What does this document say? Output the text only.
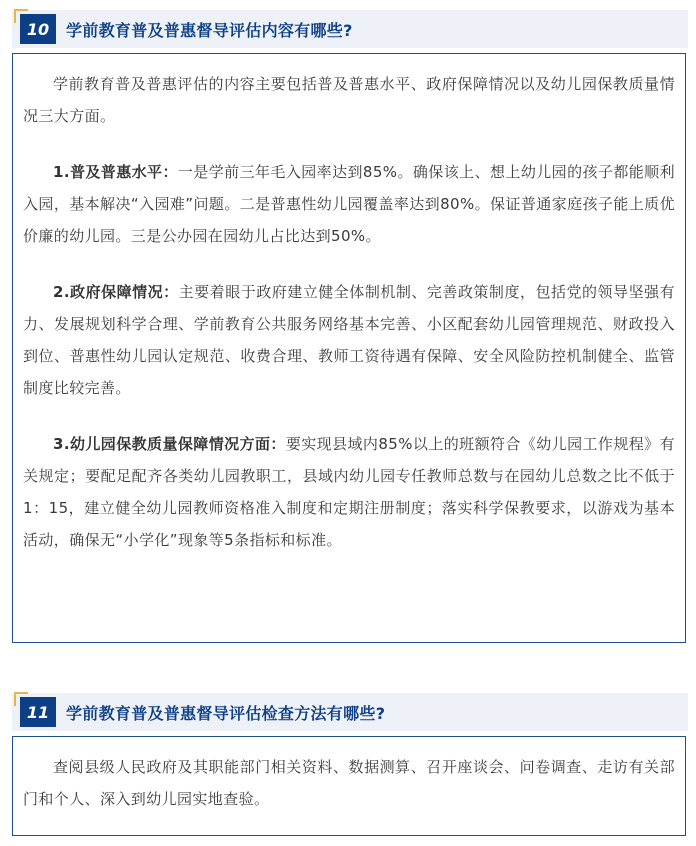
10 学前教育普及普惠督导评估内容有哪些?

学前教育普及普惠评估的内容主要包括普及普惠水平、政府保障情况以及幼儿园保教质量情况三大方面。

1.普及普惠水平：一是学前三年毛入园率达到85%。确保该上、想上幼儿园的孩子都能顺利入园，基本解决“入园难”问题。二是普惠性幼儿园覆盖率达到80%。保证普通家庭孩子能上质优价廉的幼儿园。三是公办园在园幼儿占比达到50%。

2.政府保障情况：主要着眼于政府建立健全体制机制、完善政策制度，包括党的领导坚强有力、发展规划科学合理、学前教育公共服务网络基本完善、小区配套幼儿园管理规范、财政投入到位、普惠性幼儿园认定规范、收费合理、教师工资待遇有保障、安全风险防控机制健全、监管制度比较完善。

3.幼儿园保教质量保障情况方面：要实现县域内85%以上的班额符合《幼儿园工作规程》有关规定；要配足配齐各类幼儿园教职工，县域内幼儿园专任教师总数与在园幼儿总数之比不低于1：15，建立健全幼儿园教师资格准入制度和定期注册制度；落实科学保教要求，以游戏为基本活动，确保无“小学化”现象等5条指标和标准。

11 学前教育普及普惠督导评估检查方法有哪些?

查阅县级人民政府及其职能部门相关资料、数据测算、召开座谈会、问卷调查、走访有关部门和个人、深入到幼儿园实地查验。
